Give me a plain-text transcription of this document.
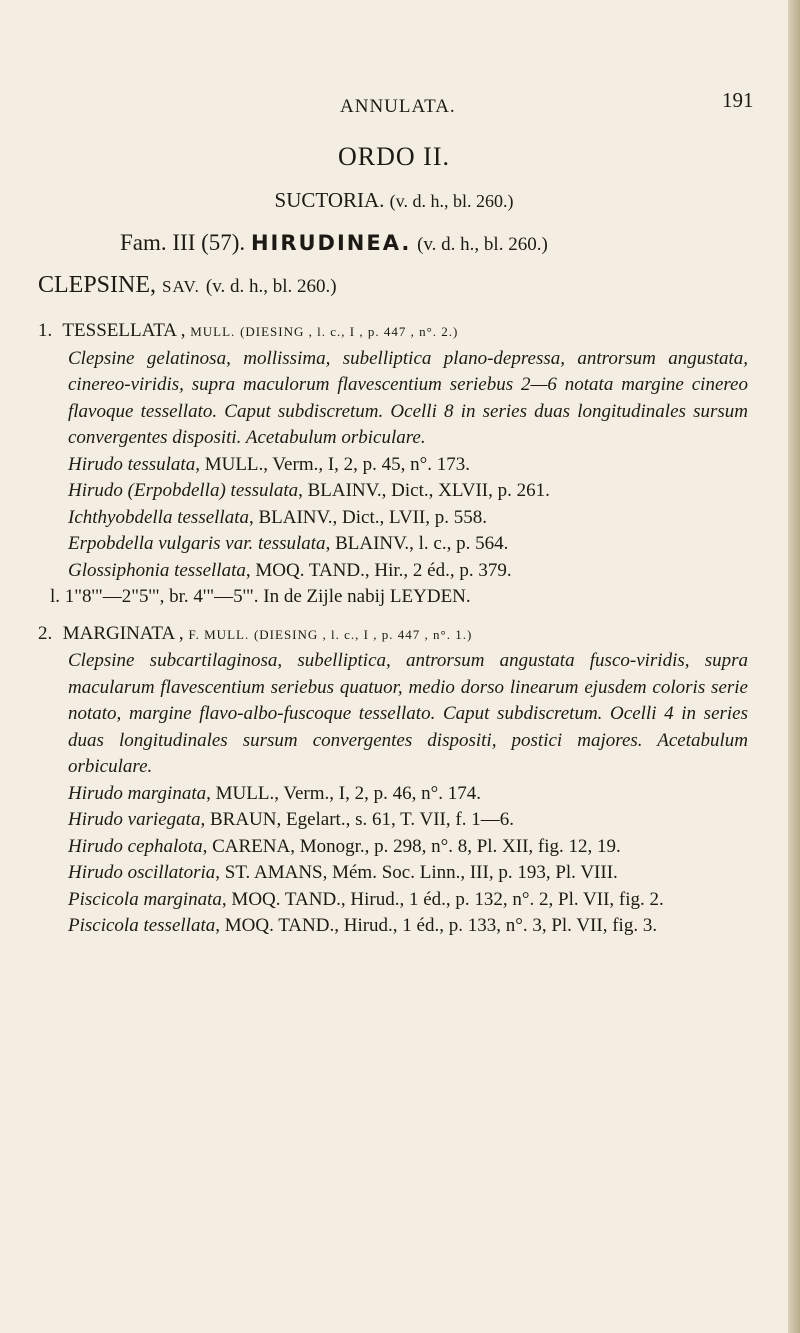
ANNULATA.	191
ORDO II.
SUCTORIA. (v. d. h., bl. 260.)
Fam. III (57). HIRUDINEA. (v. d. h., bl. 260.)
CLEPSINE, SAV. (v. d. h., bl. 260.)

1. TESSELLATA , MULL. (DIESING , l. c., I , p. 447 , n°. 2.)

Clepsine gelatinosa, mollissima, subelliptica plano-depressa, antrorsum angustata, cinereo-viridis, supra maculorum flavescentium seriebus 2—6 notata margine cinereo flavoque tessellato. Caput subdiscretum. Ocelli 8 in series duas longitudinales sursum convergentes dispositi. Acetabulum orbiculare.

Hirudo tessulata, MULL., Verm., I, 2, p. 45, n°. 173.

Hirudo (Erpobdella) tessulata, BLAINV., Dict., XLVII, p. 261.

Ichthyobdella tessellata, BLAINV., Dict., LVII, p. 558.

Erpobdella vulgaris var. tessulata, BLAINV., l. c., p. 564.

Glossiphonia tessellata, MOQ. TAND., Hir., 2 éd., p. 379.

l. 1"8'"—2"5'", br. 4'"—5'". In de Zijle nabij LEYDEN.

2. MARGINATA , F. MULL. (DIESING , l. c., I , p. 447 , n°. 1.)

Clepsine subcartilaginosa, subelliptica, antrorsum angustata fusco-viridis, supra macularum flavescentium seriebus quatuor, medio dorso linearum ejusdem coloris serie notato, margine flavo-albo-fuscoque tessellato. Caput subdiscretum. Ocelli 4 in series duas longitudinales sursum convergentes dispositi, postici majores. Acetabulum orbiculare.

Hirudo marginata, MULL., Verm., I, 2, p. 46, n°. 174.

Hirudo variegata, BRAUN, Egelart., s. 61, T. VII, f. 1—6.

Hirudo cephalota, CARENA, Monogr., p. 298, n°. 8, Pl. XII, fig. 12, 19.

Hirudo oscillatoria, ST. AMANS, Mém. Soc. Linn., III, p. 193, Pl. VIII.

Piscicola marginata, MOQ. TAND., Hirud., 1 éd., p. 132, n°. 2, Pl. VII, fig. 2.

Piscicola tessellata, MOQ. TAND., Hirud., 1 éd., p. 133, n°. 3, Pl. VII, fig. 3.
